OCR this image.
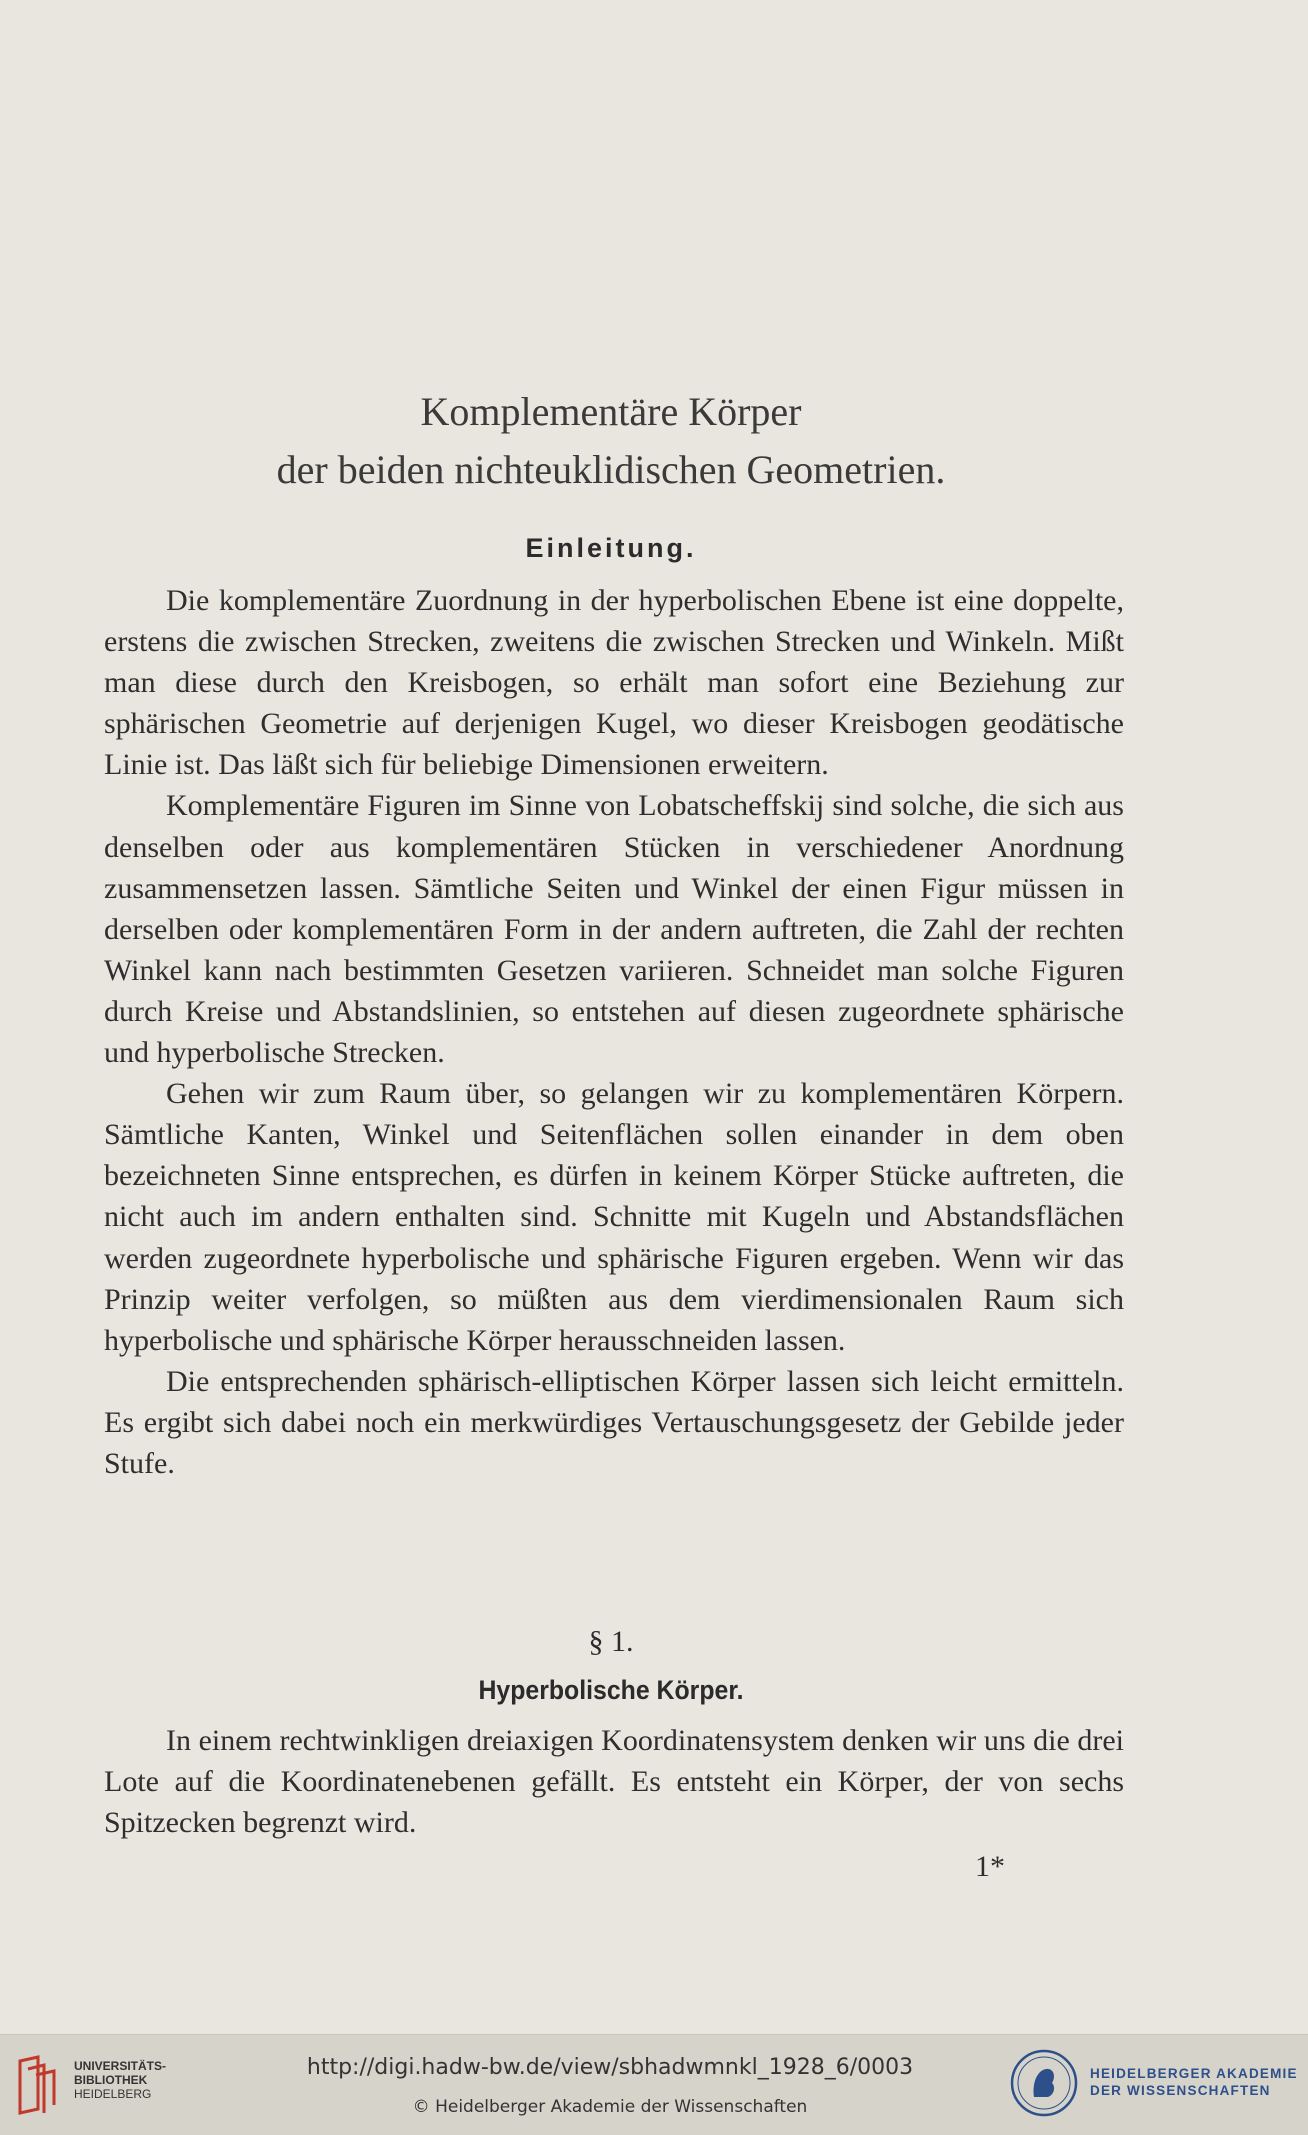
Komplementäre Körper
der beiden nichteuklidischen Geometrien.
Einleitung.

Die komplementäre Zuordnung in der hyperbolischen Ebene ist eine doppelte, erstens die zwischen Strecken, zweitens die zwischen Strecken und Winkeln. Mißt man diese durch den Kreisbogen, so erhält man sofort eine Beziehung zur sphärischen Geometrie auf derjenigen Kugel, wo dieser Kreisbogen geodätische Linie ist. Das läßt sich für beliebige Dimensionen erweitern.

Komplementäre Figuren im Sinne von Lobatscheffskij sind solche, die sich aus denselben oder aus komplementären Stücken in verschiedener Anordnung zusammensetzen lassen. Sämtliche Seiten und Winkel der einen Figur müssen in derselben oder komplementären Form in der andern auftreten, die Zahl der rechten Winkel kann nach bestimmten Gesetzen variieren. Schneidet man solche Figuren durch Kreise und Abstandslinien, so entstehen auf diesen zugeordnete sphärische und hyperbolische Strecken.

Gehen wir zum Raum über, so gelangen wir zu komplementären Körpern. Sämtliche Kanten, Winkel und Seitenflächen sollen einander in dem oben bezeichneten Sinne entsprechen, es dürfen in keinem Körper Stücke auftreten, die nicht auch im andern enthalten sind. Schnitte mit Kugeln und Abstandsflächen werden zugeordnete hyperbolische und sphärische Figuren ergeben. Wenn wir das Prinzip weiter verfolgen, so müßten aus dem vierdimensionalen Raum sich hyperbolische und sphärische Körper herausschneiden lassen.

Die entsprechenden sphärisch-elliptischen Körper lassen sich leicht ermitteln. Es ergibt sich dabei noch ein merkwürdiges Vertauschungsgesetz der Gebilde jeder Stufe.

§ 1.
Hyperbolische Körper.

In einem rechtwinkligen dreiaxigen Koordinatensystem denken wir uns die drei Lote auf die Koordinatenebenen gefällt. Es entsteht ein Körper, der von sechs Spitzecken begrenzt wird.

1*
UNIVERSITÄTS-
BIBLIOTHEK
HEIDELBERG
http://digi.hadw-bw.de/view/sbhadwmnkl_1928_6/0003
© Heidelberger Akademie der Wissenschaften
HEIDELBERGER AKADEMIE
DER WISSENSCHAFTEN
